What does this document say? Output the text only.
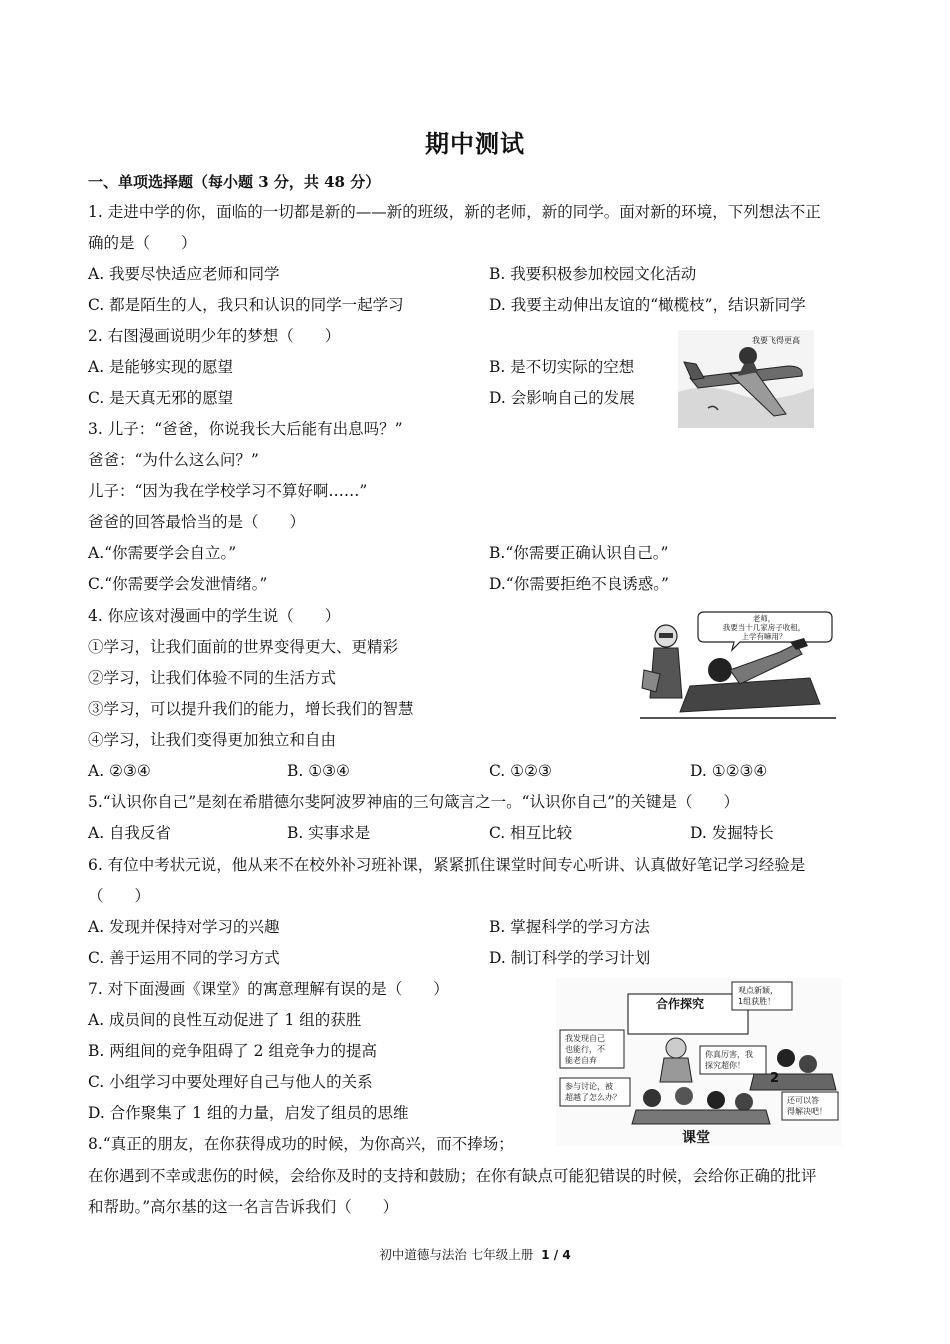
期中测试
一、单项选择题（每小题 3 分，共 48 分）
1. 走进中学的你，面临的一切都是新的——新的班级，新的老师，新的同学。面对新的环境，下列想法不正
确的是（　　）
A. 我要尽快适应老师和同学	B. 我要积极参加校园文化活动
C. 都是陌生的人，我只和认识的同学一起学习	D. 我要主动伸出友谊的“橄榄枝”，结识新同学
2. 右图漫画说明少年的梦想（　　）
A. 是能够实现的愿望	B. 是不切实际的空想
C. 是天真无邪的愿望	D. 会影响自己的发展
我要飞得更高
3. 儿子：“爸爸，你说我长大后能有出息吗？”
爸爸：“为什么这么问？”
儿子：“因为我在学校学习不算好啊……”
爸爸的回答最恰当的是（　　）
A.“你需要学会自立。”	B.“你需要正确认识自己。”
C.“你需要学会发泄情绪。”	D.“你需要拒绝不良诱惑。”
4. 你应该对漫画中的学生说（　　）
①学习，让我们面前的世界变得更大、更精彩
②学习，让我们体验不同的生活方式
③学习，可以提升我们的能力，增长我们的智慧
④学习，让我们变得更加独立和自由
A. ②③④	B. ①③④	C. ①②③	D. ①②③④
老师，
我要当十几家房子收租，
上学有嘛用？
5.“认识你自己”是刻在希腊德尔斐阿波罗神庙的三句箴言之一。“认识你自己”的关键是（　　）
A. 自我反省	B. 实事求是	C. 相互比较	D. 发掘特长
6. 有位中考状元说，他从来不在校外补习班补课，紧紧抓住课堂时间专心听讲、认真做好笔记学习经验是
（　　）
A. 发现并保持对学习的兴趣	B. 掌握科学的学习方法
C. 善于运用不同的学习方式	D. 制订科学的学习计划
7. 对下面漫画《课堂》的寓意理解有误的是（　　）
A. 成员间的良性互动促进了 1 组的获胜
B. 两组间的竞争阻碍了 2 组竞争力的提高
C. 小组学习中要处理好自己与他人的关系
D. 合作聚集了 1 组的力量，启发了组员的思维
合作探究
观点新颖，
1组获胜！
我发现自己
也能行，不
能老自弃
你真厉害，我
探究超你！
参与讨论，被
超越了怎么办？	还可以答
得解决吧！
2
课堂
8.“真正的朋友，在你获得成功的时候，为你高兴，而不捧场；
在你遇到不幸或悲伤的时候，会给你及时的支持和鼓励；在你有缺点可能犯错误的时候，会给你正确的批评
和帮助。”高尔基的这一名言告诉我们（　　）
初中道德与法治 七年级上册 1 / 4
